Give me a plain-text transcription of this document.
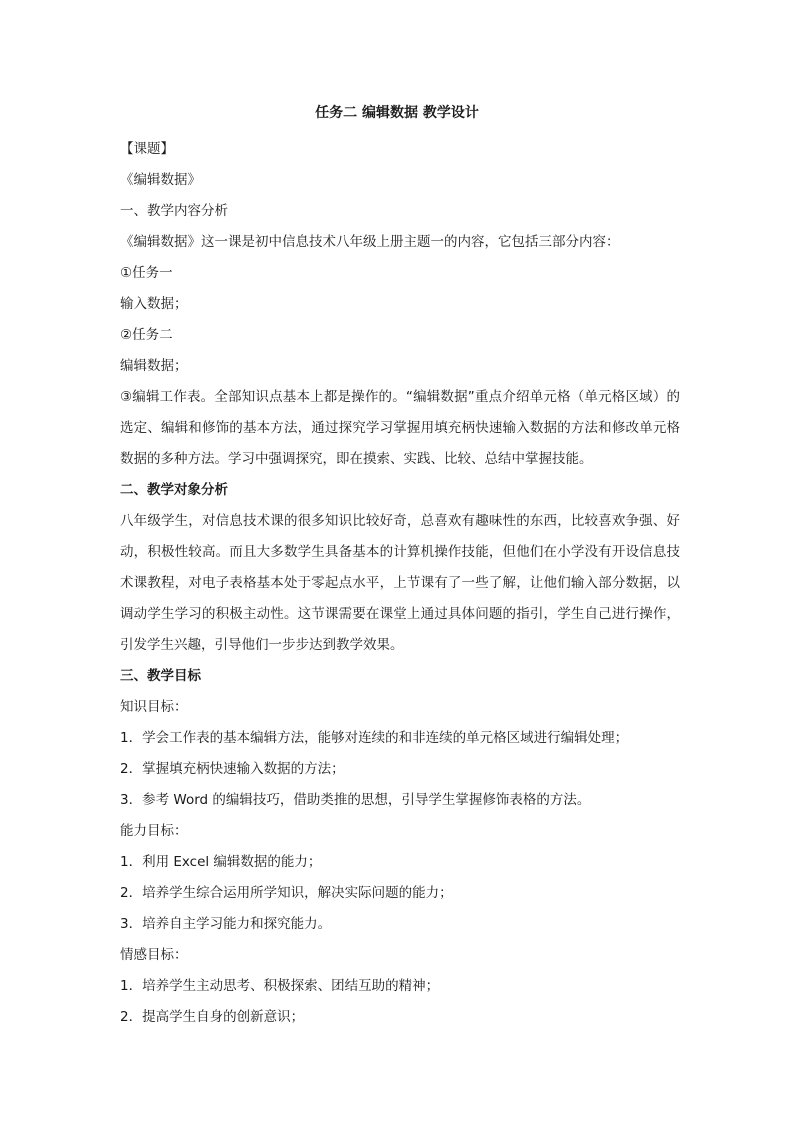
任务二 编辑数据 教学设计

【课题】

《编辑数据》

一、教学内容分析

《编辑数据》这一课是初中信息技术八年级上册主题一的内容，它包括三部分内容：

①任务一

输入数据；

②任务二

编辑数据；

③编辑工作表。全部知识点基本上都是操作的。“编辑数据”重点介绍单元格（单元格区域）的选定、编辑和修饰的基本方法，通过探究学习掌握用填充柄快速输入数据的方法和修改单元格数据的多种方法。学习中强调探究，即在摸索、实践、比较、总结中掌握技能。

二、教学对象分析

八年级学生，对信息技术课的很多知识比较好奇，总喜欢有趣味性的东西，比较喜欢争强、好动，积极性较高。而且大多数学生具备基本的计算机操作技能，但他们在小学没有开设信息技术课教程，对电子表格基本处于零起点水平，上节课有了一些了解，让他们输入部分数据，以调动学生学习的积极主动性。这节课需要在课堂上通过具体问题的指引，学生自己进行操作，引发学生兴趣，引导他们一步步达到教学效果。

三、教学目标

知识目标：

1．学会工作表的基本编辑方法，能够对连续的和非连续的单元格区域进行编辑处理；

2．掌握填充柄快速输入数据的方法；

3．参考 Word 的编辑技巧，借助类推的思想，引导学生掌握修饰表格的方法。

能力目标：

1．利用 Excel 编辑数据的能力；

2．培养学生综合运用所学知识，解决实际问题的能力；

3．培养自主学习能力和探究能力。

情感目标：

1．培养学生主动思考、积极探索、团结互助的精神；

2．提高学生自身的创新意识；
